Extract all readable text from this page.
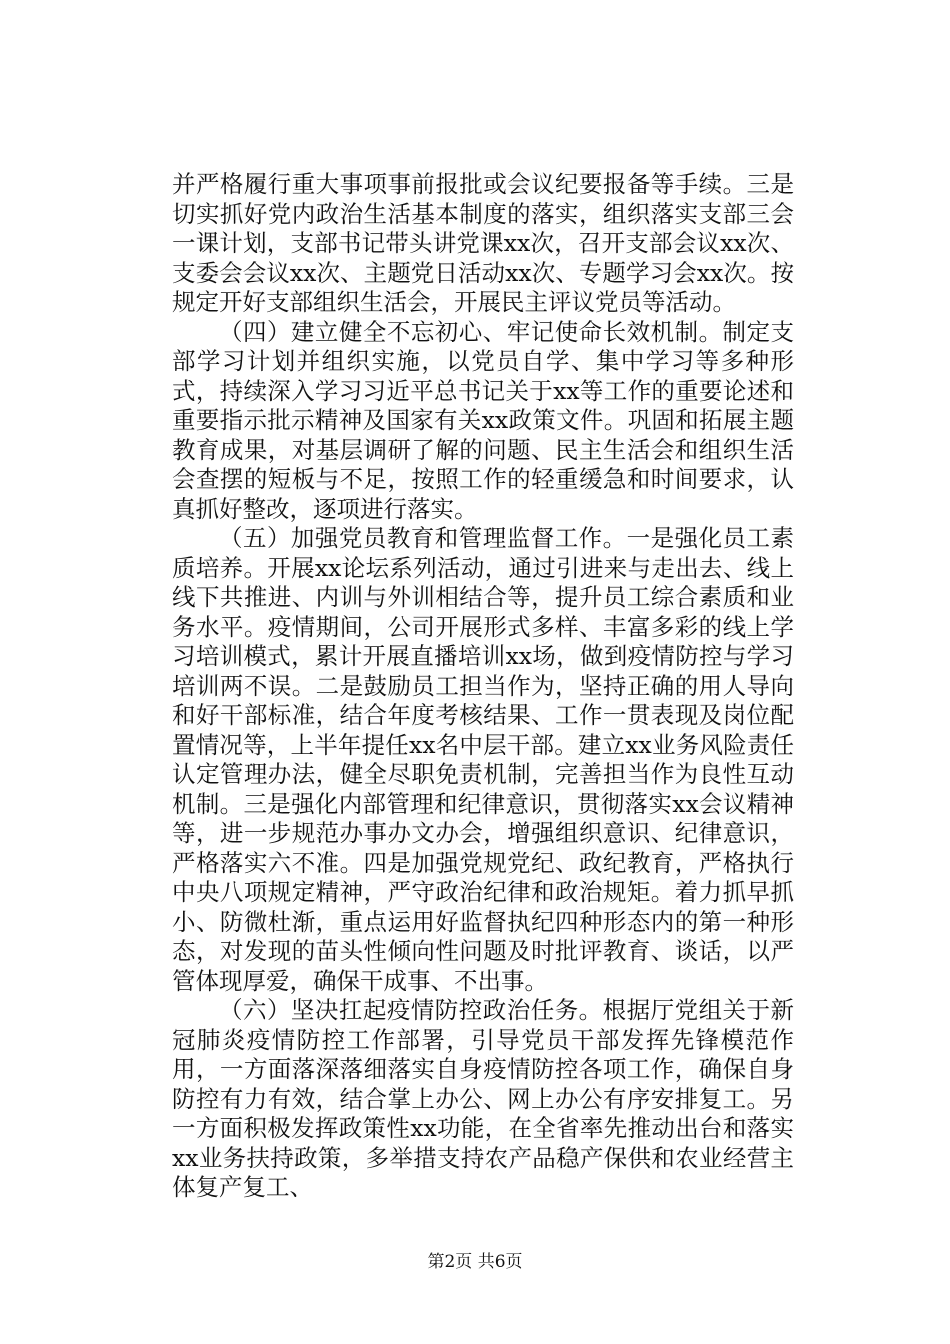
并严格履行重大事项事前报批或会议纪要报备等手续。三是切实抓好党内政治生活基本制度的落实，组织落实支部三会一课计划，支部书记带头讲党课xx次，召开支部会议xx次、支委会会议xx次、主题党日活动xx次、专题学习会xx次。按规定开好支部组织生活会，开展民主评议党员等活动。

（四）建立健全不忘初心、牢记使命长效机制。制定支部学习计划并组织实施，以党员自学、集中学习等多种形式，持续深入学习习近平总书记关于xx等工作的重要论述和重要指示批示精神及国家有关xx政策文件。巩固和拓展主题教育成果，对基层调研了解的问题、民主生活会和组织生活会查摆的短板与不足，按照工作的轻重缓急和时间要求，认真抓好整改，逐项进行落实。

（五）加强党员教育和管理监督工作。一是强化员工素质培养。开展xx论坛系列活动，通过引进来与走出去、线上线下共推进、内训与外训相结合等，提升员工综合素质和业务水平。疫情期间，公司开展形式多样、丰富多彩的线上学习培训模式，累计开展直播培训xx场，做到疫情防控与学习培训两不误。二是鼓励员工担当作为，坚持正确的用人导向和好干部标准，结合年度考核结果、工作一贯表现及岗位配置情况等，上半年提任xx名中层干部。建立xx业务风险责任认定管理办法，健全尽职免责机制，完善担当作为良性互动机制。三是强化内部管理和纪律意识，贯彻落实xx会议精神等，进一步规范办事办文办会，增强组织意识、纪律意识，严格落实六不准。四是加强党规党纪、政纪教育，严格执行中央八项规定精神，严守政治纪律和政治规矩。着力抓早抓小、防微杜渐，重点运用好监督执纪四种形态内的第一种形态，对发现的苗头性倾向性问题及时批评教育、谈话，以严管体现厚爱，确保干成事、不出事。

（六）坚决扛起疫情防控政治任务。根据厅党组关于新冠肺炎疫情防控工作部署，引导党员干部发挥先锋模范作用，一方面落深落细落实自身疫情防控各项工作，确保自身防控有力有效，结合掌上办公、网上办公有序安排复工。另一方面积极发挥政策性xx功能，在全省率先推动出台和落实xx业务扶持政策，多举措支持农产品稳产保供和农业经营主体复产复工、

第2页 共6页
